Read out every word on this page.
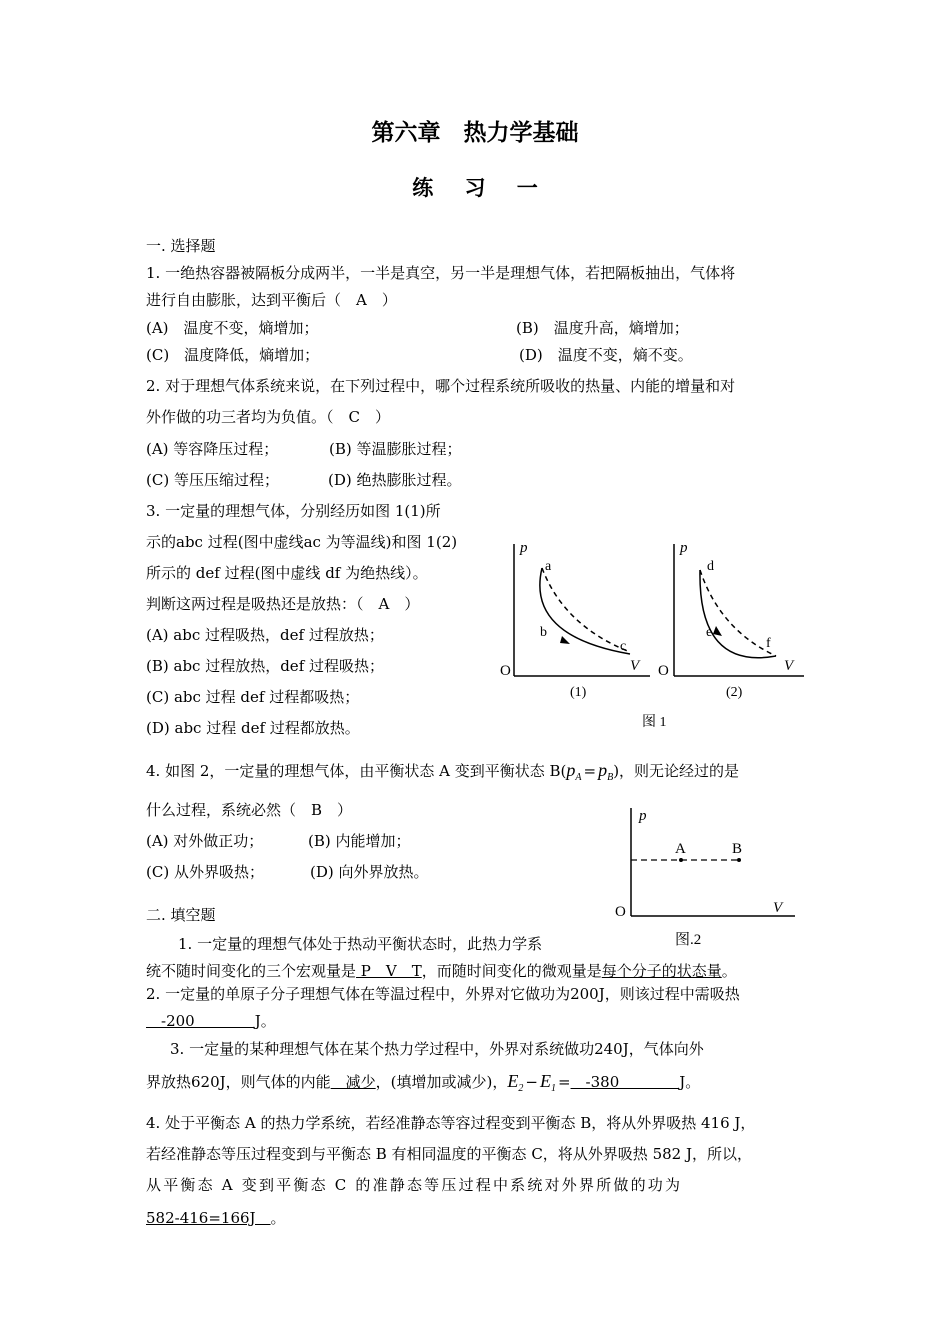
第六章　热力学基础
练 习 一
一. 选择题
1. 一绝热容器被隔板分成两半，一半是真空，另一半是理想气体，若把隔板抽出，气体将
进行自由膨胀，达到平衡后（　A　）
(A)　温度不变，熵增加；	(B)　温度升高，熵增加；
(C)　温度降低，熵增加；	(D)　温度不变，熵不变。
2. 对于理想气体系统来说，在下列过程中，哪个过程系统所吸收的热量、内能的增量和对
外作做的功三者均为负值。（　C　）
(A) 等容降压过程；	(B) 等温膨胀过程；
(C) 等压压缩过程；	(D) 绝热膨胀过程。
3. 一定量的理想气体，分别经历如图 1(1)所
示的abc 过程(图中虚线ac 为等温线)和图 1(2)
所示的 def 过程(图中虚线 df 为绝热线）。
判断这两过程是吸热还是放热：（　A　）
(A) abc 过程吸热，def 过程放热；
(B) abc 过程放热，def 过程吸热；
(C) abc 过程 def 过程都吸热；
(D) abc 过程 def 过程都放热。
p
O	V
a
b
c
(1)
p
O	V
d
e
f
(2)
图 1
4. 如图 2，一定量的理想气体，由平衡状态 A 变到平衡状态 $B(p_A = p_B)$，则无论经过的是
什么过程，系统必然（　B　）
(A) 对外做正功；	(B) 内能增加；
(C) 从外界吸热；	(D) 向外界放热。
p
O	V
A	B
图.2
二. 填空题
1. 一定量的理想气体处于热动平衡状态时，此热力学系
统不随时间变化的三个宏观量是 P　V　T，而随时间变化的微观量是每个分子的状态量。
2. 一定量的单原子分子理想气体在等温过程中，外界对它做功为200J，则该过程中需吸热
　-200　　　　J。
3. 一定量的某种理想气体在某个热力学过程中，外界对系统做功240J，气体向外
界放热620J，则气体的内能　减少，(填增加或减少)，$E_2 - E_1$ =　-380　　　　J。
4. 处于平衡态 A 的热力学系统，若经准静态等容过程变到平衡态 B，将从外界吸热 416 J，
若经准静态等压过程变到与平衡态 B 有相同温度的平衡态 C，将从外界吸热 582 J，所以，
从平衡态 A 变到平衡态 C 的准静态等压过程中系统对外界所做的功为
582-416=166J　。
